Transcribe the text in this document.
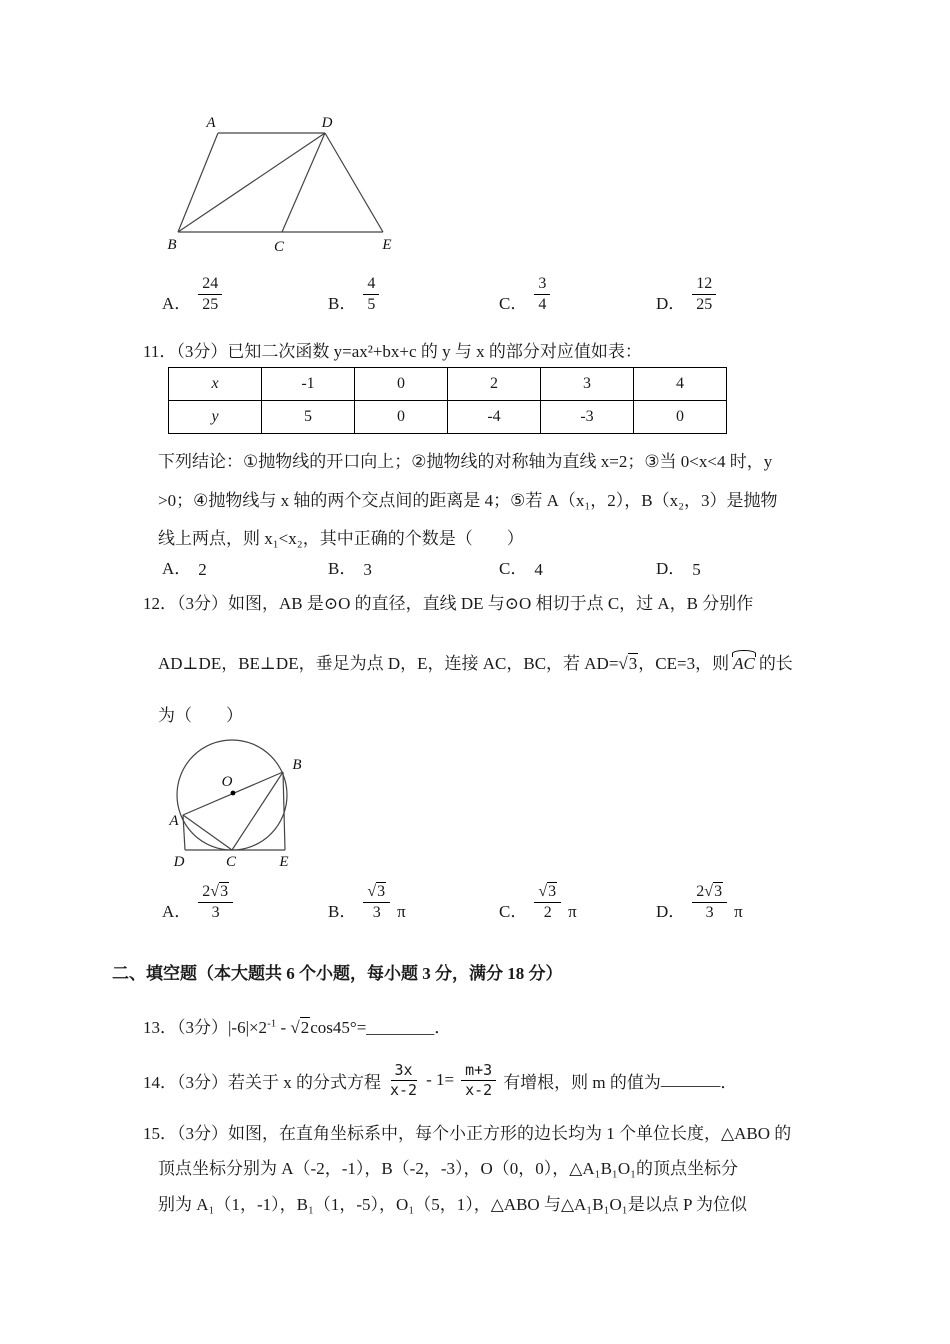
A	D
B	C	E
A． $\frac{24}{25}$	B． $\frac{4}{5}$	C． $\frac{3}{4}$	D． $\frac{12}{25}$
11．（3分）已知二次函数 y=ax²+bx+c 的 y 与 x 的部分对应值如表：
x	-1	0	2	3	4
y	5	0	-4	-3	0
下列结论：①抛物线的开口向上；②抛物线的对称轴为直线 x=2；③当 0<x<4 时，y
>0；④抛物线与 x 轴的两个交点间的距离是 4；⑤若 A（x₁，2），B（x₂，3）是抛物
线上两点，则 x₁<x₂，其中正确的个数是（　　）
A． 2	B． 3	C． 4	D． 5
12．（3分）如图，AB 是⊙O 的直径，直线 DE 与⊙O 相切于点 C，过 A，B 分别作
AD⊥DE，BE⊥DE，垂足为点 D，E，连接 AC，BC，若 AD=√3，CE=3，则 AC 的长
为（　　）
O
B
A
D	C	E
A． $\frac{2√3}{3}$	B． $\frac{√3}{3}$ π	C． $\frac{√3}{2}$ π	D． $\frac{2√3}{3}$ π
二、填空题（本大题共 6 个小题，每小题 3 分，满分 18 分）
13．（3分）$|-6|\times 2^{-1}$ - √2cos45°=________．
14．（3分）若关于 x 的分式方程 $\frac{3x}{x-2} - 1= \frac{m+3}{x-2}$ 有增根，则 m 的值为 _______ ．
15．（3分）如图，在直角坐标系中，每个小正方形的边长均为 1 个单位长度，△ABO 的
顶点坐标分别为 A（-2，-1），B（-2，-3），O（0，0），△A₁B₁O₁的顶点坐标分
别为 A₁（1，-1），B₁（1，-5），O₁（5，1），△ABO 与△A₁B₁O₁是以点 P 为位似
